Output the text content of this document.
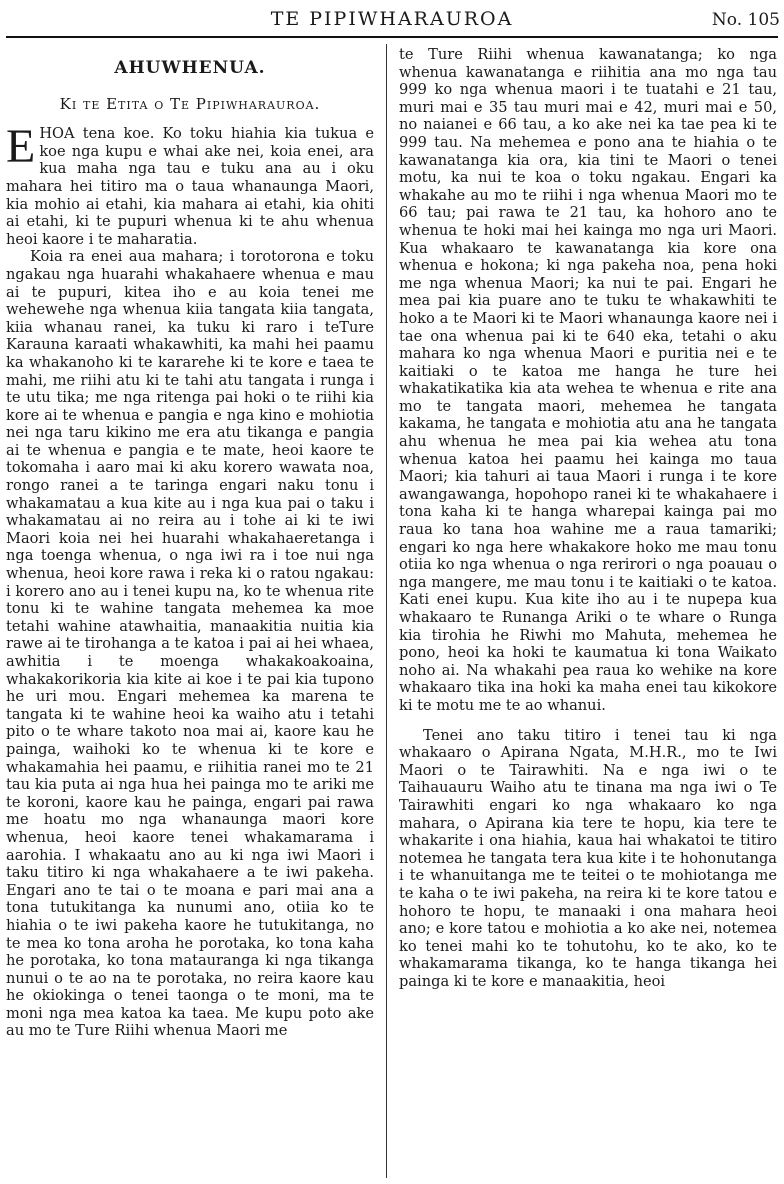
TE PIPIWHARAUROA	No. 105

AHUWHENUA.

Ki te Etita o Te Pipiwharauroa.

EHOA tena koe. Ko toku hiahia kia tukua e koe nga kupu e whai ake nei, koia enei, ara kua maha nga tau e tuku ana au i oku mahara hei titiro ma o taua whanaunga Maori, kia mohio ai etahi, kia mahara ai etahi, kia ohiti ai etahi, ki te pupuri whenua ki te ahu whenua heoi kaore i te maharatia.

Koia ra enei aua mahara; i torotorona e toku ngakau nga huarahi whakahaere whenua e mau ai te pupuri, kitea iho e au koia tenei me wehewehe nga whenua kiia tangata kiia tangata, kiia whanau ranei, ka tuku ki raro i teTure Karauna karaati whakawhiti, ka mahi hei paamu ka whakanoho ki te kararehe ki te kore e taea te mahi, me riihi atu ki te tahi atu tangata i runga i te utu tika; me nga ritenga pai hoki o te riihi kia kore ai te whenua e pangia e nga kino e mohiotia nei nga taru kikino me era atu tikanga e pangia ai te whenua e pangia e te mate, heoi kaore te tokomaha i aaro mai ki aku korero wawata noa, rongo ranei a te taringa engari naku tonu i whakamatau a kua kite au i nga kua pai o taku i whakamatau ai no reira au i tohe ai ki te iwi Maori koia nei hei huarahi whakahaeretanga i nga toenga whenua, o nga iwi ra i toe nui nga whenua, heoi kore rawa i reka ki o ratou ngakau: i korero ano au i tenei kupu na, ko te whenua rite tonu ki te wahine tangata mehemea ka moe tetahi wahine atawhaitia, manaakitia nuitia kia rawe ai te tirohanga a te katoa i pai ai hei whaea, awhitia i te moenga whakakoakoaina, whakakorikoria kia kite ai koe i te pai kia tupono he uri mou. Engari mehemea ka marena te tangata ki te wahine heoi ka waiho atu i tetahi pito o te whare takoto noa mai ai, kaore kau he painga, waihoki ko te whenua ki te kore e whakamahia hei paamu, e riihitia ranei mo te 21 tau kia puta ai nga hua hei painga mo te ariki me te koroni, kaore kau he painga, engari pai rawa me hoatu mo nga whanaunga maori kore whenua, heoi kaore tenei whakamarama i aarohia. I whakaatu ano au ki nga iwi Maori i taku titiro ki nga whakahaere a te iwi pakeha. Engari ano te tai o te moana e pari mai ana a tona tutukitanga ka nunumi ano, otiia ko te hiahia o te iwi pakeha kaore he tutukitanga, no te mea ko tona aroha he porotaka, ko tona kaha he porotaka, ko tona matauranga ki nga tikanga nunui o te ao na te porotaka, no reira kaore kau he okiokinga o tenei taonga o te moni, ma te moni nga mea katoa ka taea. Me kupu poto ake au mo te Ture Riihi whenua Maori me

te Ture Riihi whenua kawanatanga; ko nga whenua kawanatanga e riihitia ana mo nga tau 999 ko nga whenua maori i te tuatahi e 21 tau, muri mai e 35 tau muri mai e 42, muri mai e 50, no naianei e 66 tau, a ko ake nei ka tae pea ki te 999 tau. Na mehemea e pono ana te hiahia o te kawanatanga kia ora, kia tini te Maori o tenei motu, ka nui te koa o toku ngakau. Engari ka whakahe au mo te riihi i nga whenua Maori mo te 66 tau; pai rawa te 21 tau, ka hohoro ano te whenua te hoki mai hei kainga mo nga uri Maori. Kua whakaaro te kawanatanga kia kore ona whenua e hokona; ki nga pakeha noa, pena hoki me nga whenua Maori; ka nui te pai. Engari he mea pai kia puare ano te tuku te whakawhiti te hoko a te Maori ki te Maori whanaunga kaore nei i tae ona whenua pai ki te 640 eka, tetahi o aku mahara ko nga whenua Maori e puritia nei e te kaitiaki o te katoa me hanga he ture hei whakatikatika kia ata wehea te whenua e rite ana mo te tangata maori, mehemea he tangata kakama, he tangata e mohiotia atu ana he tangata ahu whenua he mea pai kia wehea atu tona whenua katoa hei paamu hei kainga mo taua Maori; kia tahuri ai taua Maori i runga i te kore awangawanga, hopohopo ranei ki te whakahaere i tona kaha ki te hanga wharepai kainga pai mo raua ko tana hoa wahine me a raua tamariki; engari ko nga here whakakore hoko me mau tonu otiia ko nga whenua o nga rerirori o nga poauau o nga mangere, me mau tonu i te kaitiaki o te katoa. Kati enei kupu. Kua kite iho au i te nupepa kua whakaaro te Runanga Ariki o te whare o Runga kia tirohia he Riwhi mo Mahuta, mehemea he pono, heoi ka hoki te kaumatua ki tona Waikato noho ai. Na whakahi pea raua ko wehike na kore whakaaro tika ina hoki ka maha enei tau kikokore ki te motu me te ao whanui.

Tenei ano taku titiro i tenei tau ki nga whakaaro o Apirana Ngata, M.H.R., mo te Iwi Maori o te Tairawhiti. Na e nga iwi o te Taihauauru Waiho atu te tinana ma nga iwi o Te Tairawhiti engari ko nga whakaaro ko nga mahara, o Apirana kia tere te hopu, kia tere te whakarite i ona hiahia, kaua hai whakatoi te titiro notemea he tangata tera kua kite i te hohonutanga i te whanuitanga me te teitei o te mohiotanga me te kaha o te iwi pakeha, na reira ki te kore tatou e hohoro te hopu, te manaaki i ona mahara heoi ano; e kore tatou e mohiotia a ko ake nei, notemea ko tenei mahi ko te tohutohu, ko te ako, ko te whakamarama tikanga, ko te hanga tikanga hei painga ki te kore e manaakitia, heoi
